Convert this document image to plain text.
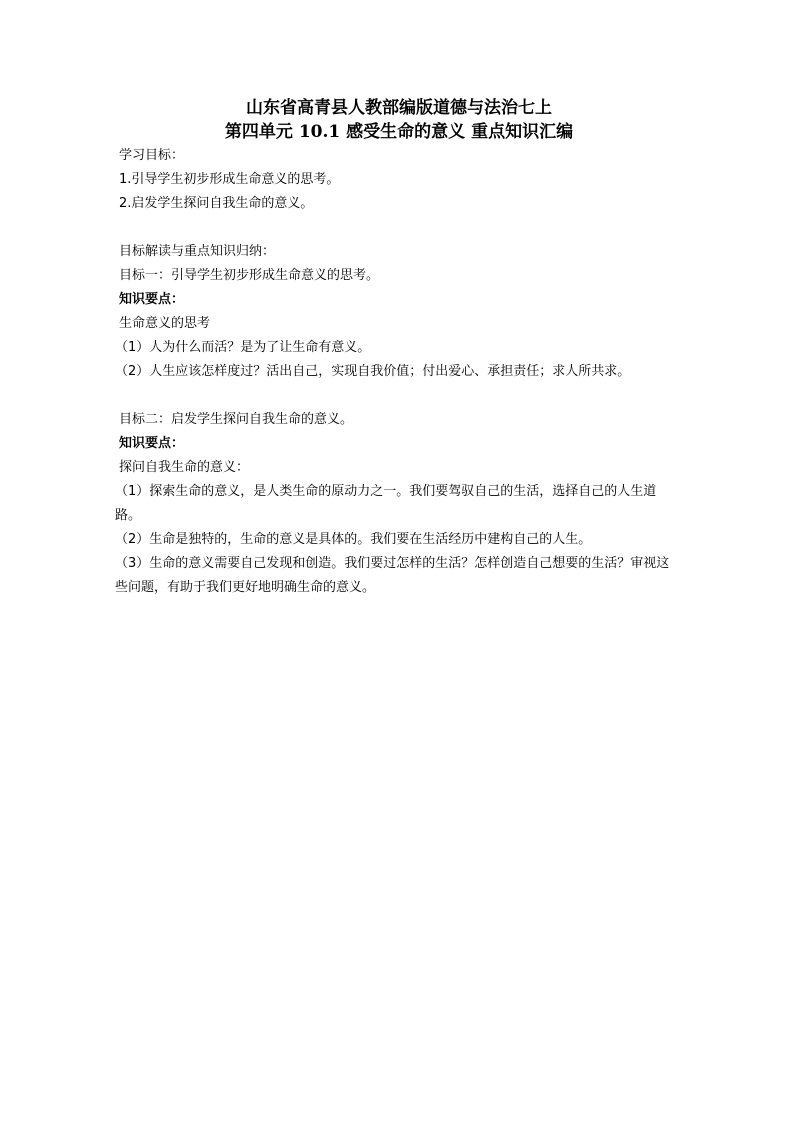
山东省高青县人教部编版道德与法治七上
第四单元 10.1 感受生命的意义 重点知识汇编

学习目标：

1.引导学生初步形成生命意义的思考。

2.启发学生探问自我生命的意义。

目标解读与重点知识归纳：

目标一：引导学生初步形成生命意义的思考。

知识要点：

生命意义的思考

（1）人为什么而活？是为了让生命有意义。

（2）人生应该怎样度过？活出自己，实现自我价值；付出爱心、承担责任；求人所共求。

目标二：启发学生探问自我生命的意义。

知识要点：

探问自我生命的意义：

（1）探索生命的意义，是人类生命的原动力之一。我们要驾驭自己的生活，选择自己的人生道路。

（2）生命是独特的，生命的意义是具体的。我们要在生活经历中建构自己的人生。

（3）生命的意义需要自己发现和创造。我们要过怎样的生活？怎样创造自己想要的生活？审视这些问题，有助于我们更好地明确生命的意义。
